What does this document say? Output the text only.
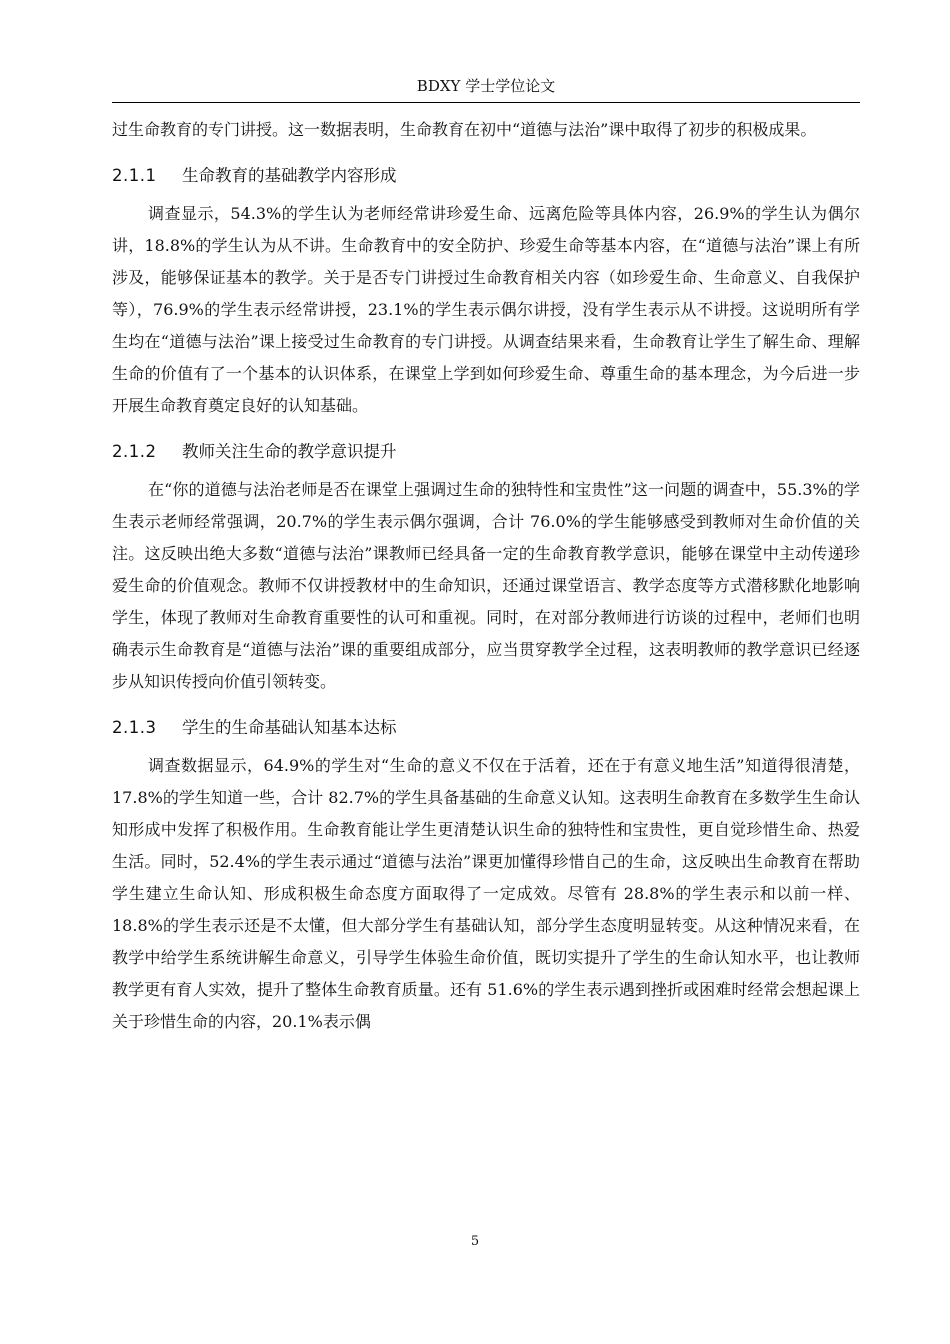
BDXY 学士学位论文

过生命教育的专门讲授。这一数据表明，生命教育在初中“道德与法治”课中取得了初步的积极成果。

2.1.1 生命教育的基础教学内容形成

调查显示，54.3%的学生认为老师经常讲珍爱生命、远离危险等具体内容，26.9%的学生认为偶尔讲，18.8%的学生认为从不讲。生命教育中的安全防护、珍爱生命等基本内容，在“道德与法治”课上有所涉及，能够保证基本的教学。关于是否专门讲授过生命教育相关内容（如珍爱生命、生命意义、自我保护等），76.9%的学生表示经常讲授，23.1%的学生表示偶尔讲授，没有学生表示从不讲授。这说明所有学生均在“道德与法治”课上接受过生命教育的专门讲授。从调查结果来看，生命教育让学生了解生命、理解生命的价值有了一个基本的认识体系，在课堂上学到如何珍爱生命、尊重生命的基本理念，为今后进一步开展生命教育奠定良好的认知基础。

2.1.2 教师关注生命的教学意识提升

在“你的道德与法治老师是否在课堂上强调过生命的独特性和宝贵性”这一问题的调查中，55.3%的学生表示老师经常强调，20.7%的学生表示偶尔强调，合计 76.0%的学生能够感受到教师对生命价值的关注。这反映出绝大多数“道德与法治”课教师已经具备一定的生命教育教学意识，能够在课堂中主动传递珍爱生命的价值观念。教师不仅讲授教材中的生命知识，还通过课堂语言、教学态度等方式潜移默化地影响学生，体现了教师对生命教育重要性的认可和重视。同时，在对部分教师进行访谈的过程中，老师们也明确表示生命教育是“道德与法治”课的重要组成部分，应当贯穿教学全过程，这表明教师的教学意识已经逐步从知识传授向价值引领转变。

2.1.3 学生的生命基础认知基本达标

调查数据显示，64.9%的学生对“生命的意义不仅在于活着，还在于有意义地生活”知道得很清楚，17.8%的学生知道一些，合计 82.7%的学生具备基础的生命意义认知。这表明生命教育在多数学生生命认知形成中发挥了积极作用。生命教育能让学生更清楚认识生命的独特性和宝贵性，更自觉珍惜生命、热爱生活。同时，52.4%的学生表示通过“道德与法治”课更加懂得珍惜自己的生命，这反映出生命教育在帮助学生建立生命认知、形成积极生命态度方面取得了一定成效。尽管有 28.8%的学生表示和以前一样、18.8%的学生表示还是不太懂，但大部分学生有基础认知，部分学生态度明显转变。从这种情况来看，在教学中给学生系统讲解生命意义，引导学生体验生命价值，既切实提升了学生的生命认知水平，也让教师教学更有育人实效，提升了整体生命教育质量。还有 51.6%的学生表示遇到挫折或困难时经常会想起课上关于珍惜生命的内容，20.1%表示偶

5
